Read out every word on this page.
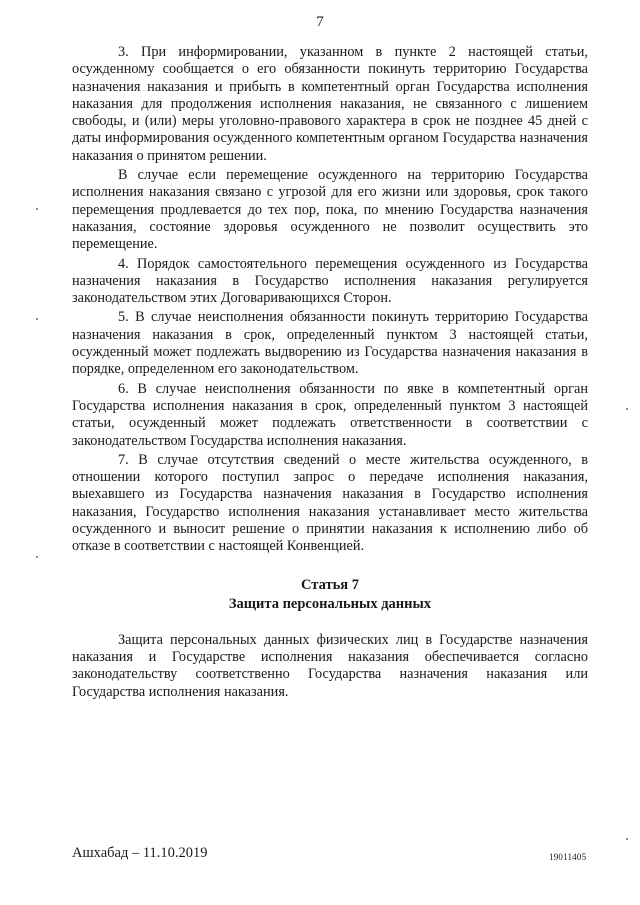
7

3. При информировании, указанном в пункте 2 настоящей статьи, осужденному сообщается о его обязанности покинуть территорию Государства назначения наказания и прибыть в компетентный орган Государства исполнения наказания для продолжения исполнения наказания, не связанного с лишением свободы, и (или) меры уголовно-правового характера в срок не позднее 45 дней с даты информирования осужденного компетентным органом Государства назначения наказания о принятом решении.

В случае если перемещение осужденного на территорию Государства исполнения наказания связано с угрозой для его жизни или здоровья, срок такого перемещения продлевается до тех пор, пока, по мнению Государства назначения наказания, состояние здоровья осужденного не позволит осуществить это перемещение.

4. Порядок самостоятельного перемещения осужденного из Государства назначения наказания в Государство исполнения наказания регулируется законодательством этих Договаривающихся Сторон.

5. В случае неисполнения обязанности покинуть территорию Государства назначения наказания в срок, определенный пунктом 3 настоящей статьи, осужденный может подлежать выдворению из Государства назначения наказания в порядке, определенном его законодательством.

6. В случае неисполнения обязанности по явке в компетентный орган Государства исполнения наказания в срок, определенный пунктом 3 настоящей статьи, осужденный может подлежать ответственности в соответствии с законодательством Государства исполнения наказания.

7. В случае отсутствия сведений о месте жительства осужденного, в отношении которого поступил запрос о передаче исполнения наказания, выехавшего из Государства назначения наказания в Государство исполнения наказания, Государство исполнения наказания устанавливает место жительства осужденного и выносит решение о принятии наказания к исполнению либо об отказе в соответствии с настоящей Конвенцией.

Статья 7
Защита персональных данных

Защита персональных данных физических лиц в Государстве назначения наказания и Государстве исполнения наказания обеспечивается согласно законодательству соответственно Государства назначения наказания или Государства исполнения наказания.

Ашхабад – 11.10.2019	19011405
